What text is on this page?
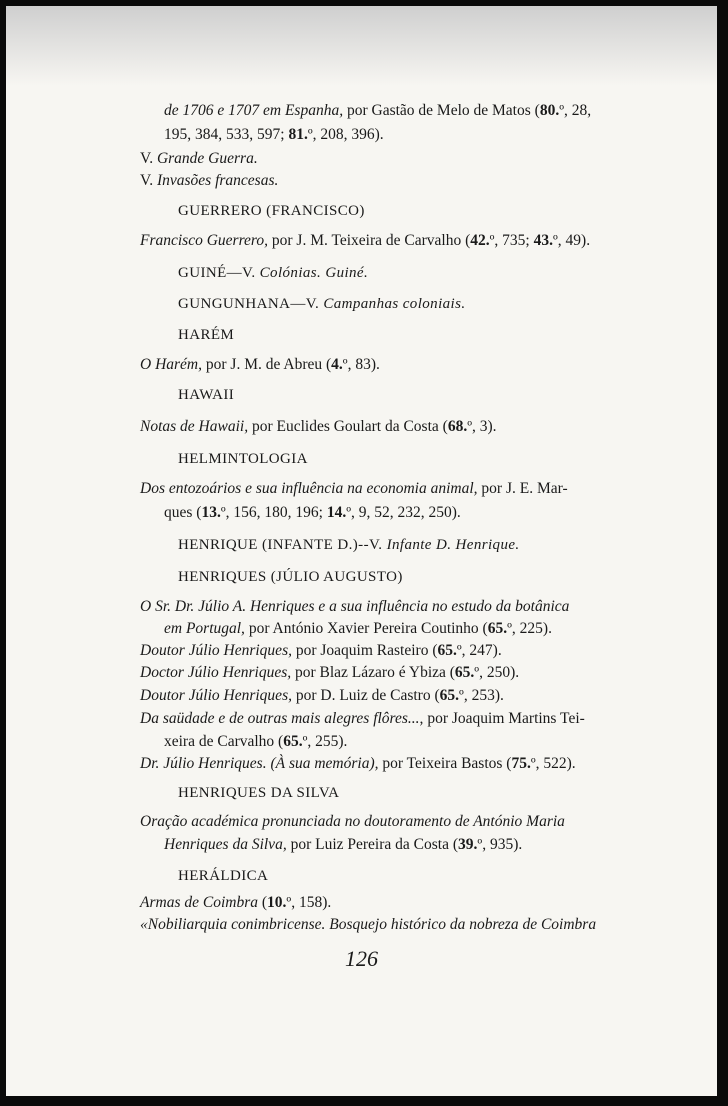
de 1706 e 1707 em Espanha, por Gastão de Melo de Matos (80.º, 28,
195, 384, 533, 597; 81.º, 208, 396).
V. Grande Guerra.
V. Invasões francesas.
GUERRERO (FRANCISCO)
Francisco Guerrero, por J. M. Teixeira de Carvalho (42.º, 735; 43.º, 49).
GUINÉ—V. Colónias. Guiné.
GUNGUNHANA—V. Campanhas coloniais.
HARÉM
O Harém, por J. M. de Abreu (4.º, 83).
HAWAII
Notas de Hawaii, por Euclides Goulart da Costa (68.º, 3).
HELMINTOLOGIA
Dos entozoários e sua influência na economia animal, por J. E. Mar-
ques (13.º, 156, 180, 196; 14.º, 9, 52, 232, 250).
HENRIQUE (INFANTE D.)--V. Infante D. Henrique.
HENRIQUES (JÚLIO AUGUSTO)
O Sr. Dr. Júlio A. Henriques e a sua influência no estudo da botânica
em Portugal, por António Xavier Pereira Coutinho (65.º, 225).
Doutor Júlio Henriques, por Joaquim Rasteiro (65.º, 247).
Doctor Júlio Henriques, por Blaz Lázaro é Ybiza (65.º, 250).
Doutor Júlio Henriques, por D. Luiz de Castro (65.º, 253).
Da saüdade e de outras mais alegres flôres..., por Joaquim Martins Tei-
xeira de Carvalho (65.º, 255).
Dr. Júlio Henriques. (À sua memória), por Teixeira Bastos (75.º, 522).
HENRIQUES DA SILVA
Oração académica pronunciada no doutoramento de António Maria
Henriques da Silva, por Luiz Pereira da Costa (39.º, 935).
HERÁLDICA
Armas de Coimbra (10.º, 158).
«Nobiliarquia conimbricense. Bosquejo histórico da nobreza de Coimbra
126
